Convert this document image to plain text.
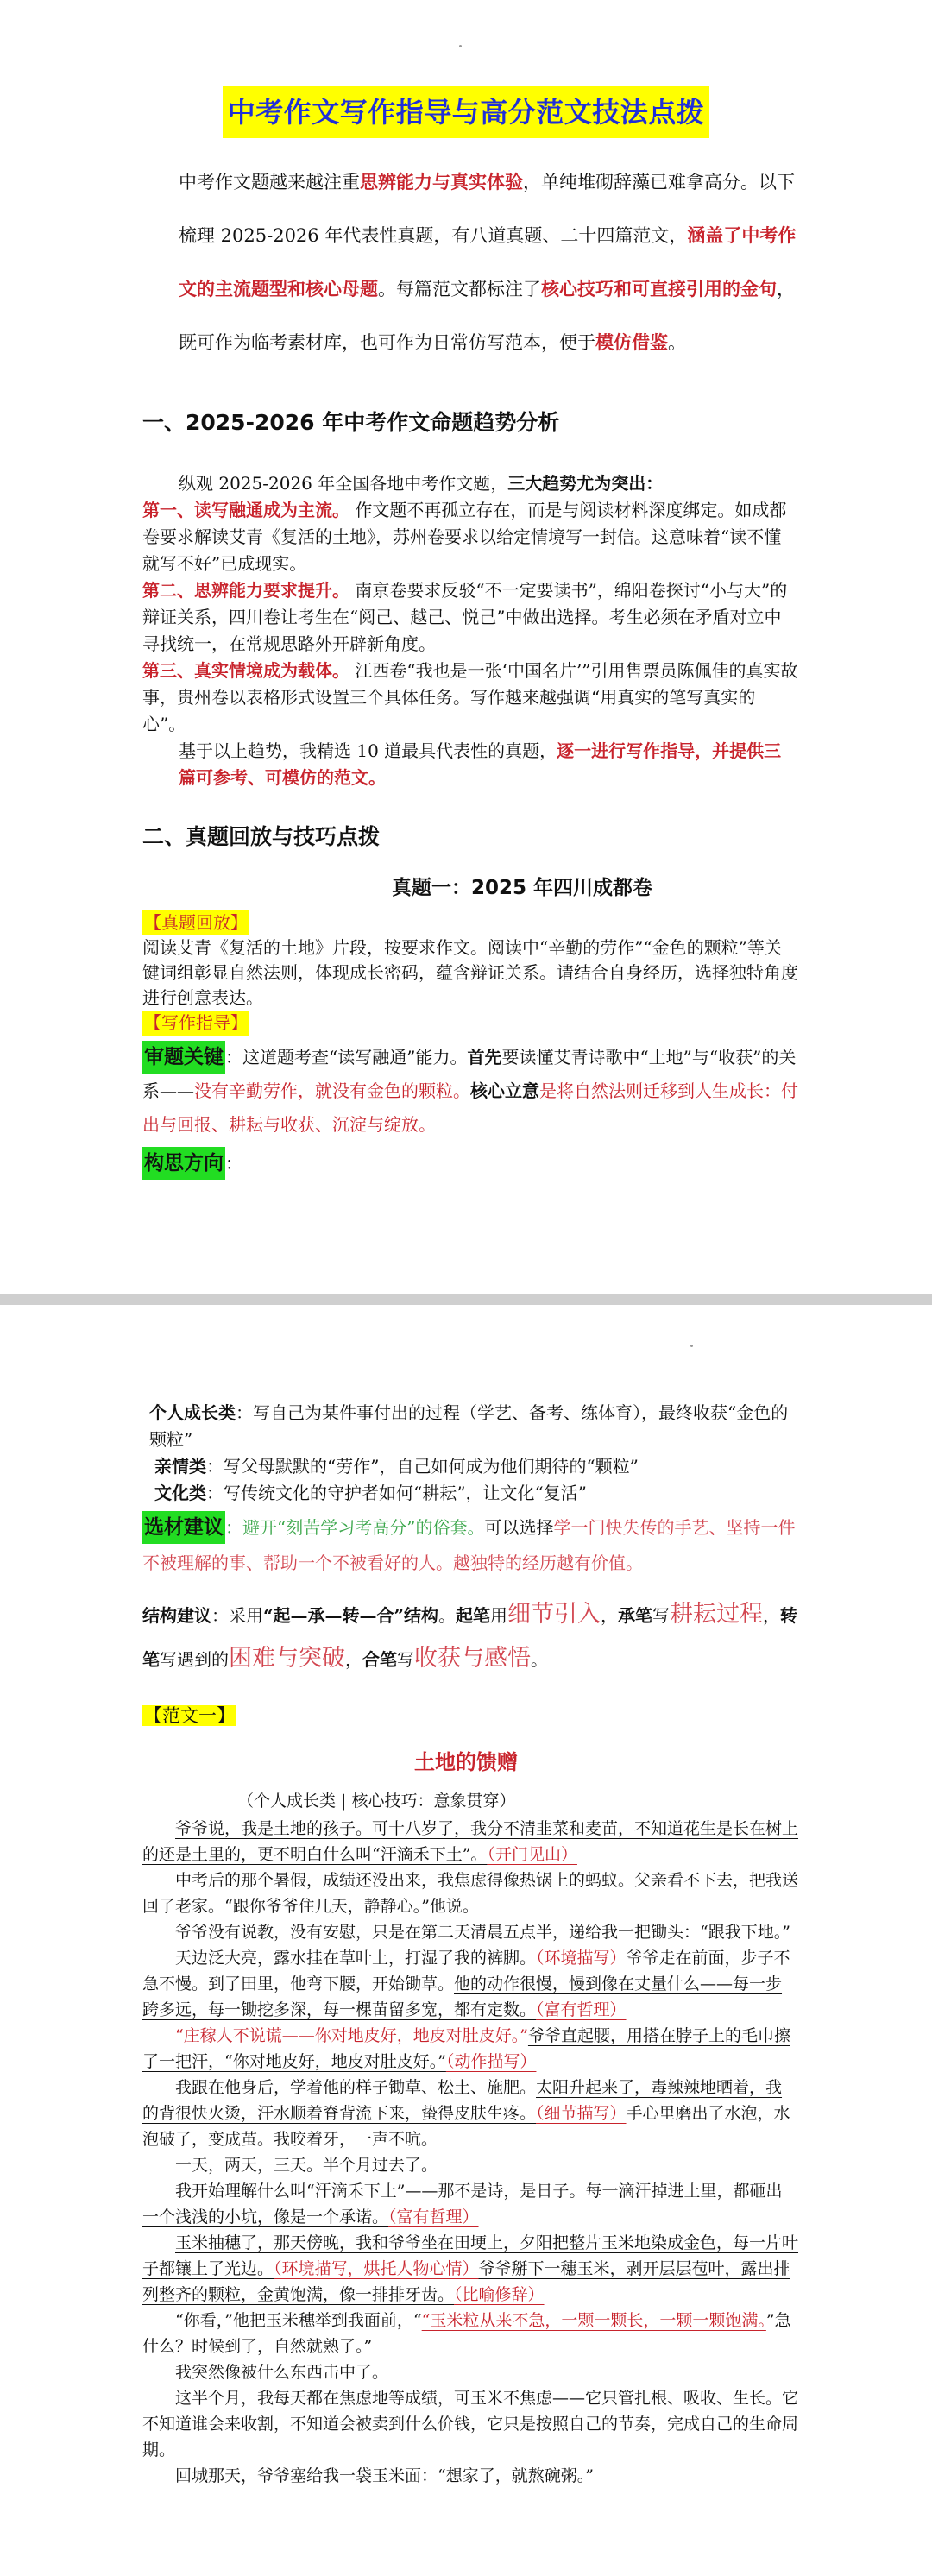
中考作文写作指导与高分范文技法点拨

中考作文题越来越注重思辨能力与真实体验，单纯堆砌辞藻已难拿高分。以下梳理 2025-2026 年代表性真题，有八道真题、二十四篇范文，涵盖了中考作文的主流题型和核心母题。每篇范文都标注了核心技巧和可直接引用的金句，既可作为临考素材库，也可作为日常仿写范本，便于模仿借鉴。

一、2025-2026 年中考作文命题趋势分析

纵观 2025-2026 年全国各地中考作文题，三大趋势尤为突出：

第一、读写融通成为主流。 作文题不再孤立存在，而是与阅读材料深度绑定。如成都卷要求解读艾青《复活的土地》，苏州卷要求以给定情境写一封信。这意味着“读不懂就写不好”已成现实。

第二、思辨能力要求提升。 南京卷要求反驳“不一定要读书”，绵阳卷探讨“小与大”的辩证关系，四川卷让考生在“阅己、越己、悦己”中做出选择。考生必须在矛盾对立中寻找统一，在常规思路外开辟新角度。

第三、真实情境成为载体。 江西卷“我也是一张‘中国名片’”引用售票员陈佩佳的真实故事，贵州卷以表格形式设置三个具体任务。写作越来越强调“用真实的笔写真实的心”。

基于以上趋势，我精选 10 道最具代表性的真题，逐一进行写作指导，并提供三篇可参考、可模仿的范文。

二、真题回放与技巧点拨
真题一：2025 年四川成都卷
【真题回放】

阅读艾青《复活的土地》片段，按要求作文。阅读中“辛勤的劳作”“金色的颗粒”等关键词组彰显自然法则，体现成长密码，蕴含辩证关系。请结合自身经历，选择独特角度进行创意表达。

【写作指导】

审题关键 ：这道题考查“读写融通”能力。首先要读懂艾青诗歌中“土地”与“收获”的关系——没有辛勤劳作，就没有金色的颗粒。核心立意是将自然法则迁移到人生成长：付出与回报、耕耘与收获、沉淀与绽放。

构思方向 ：

个人成长类：写自己为某件事付出的过程（学艺、备考、练体育），最终收获“金色的颗粒”

亲情类：写父母默默的“劳作”，自己如何成为他们期待的“颗粒”

文化类：写传统文化的守护者如何“耕耘”，让文化“复活”

选材建议 ：避开“刻苦学习考高分”的俗套。可以选择学一门快失传的手艺、坚持一件不被理解的事、帮助一个不被看好的人。越独特的经历越有价值。

结构建议：采用“起—承—转—合”结构。起笔用细节引入，承笔写耕耘过程，转笔写遇到的困难与突破，合笔写收获与感悟。

【范文一】
土地的馈赠
（个人成长类 | 核心技巧：意象贯穿）

爷爷说，我是土地的孩子。可十八岁了，我分不清韭菜和麦苗，不知道花生是长在树上的还是土里的，更不明白什么叫“汗滴禾下土”。（开门见山）

中考后的那个暑假，成绩还没出来，我焦虑得像热锅上的蚂蚁。父亲看不下去，把我送回了老家。“跟你爷爷住几天，静静心。”他说。

爷爷没有说教，没有安慰，只是在第二天清晨五点半，递给我一把锄头：“跟我下地。”

天边泛大亮，露水挂在草叶上，打湿了我的裤脚。（环境描写）爷爷走在前面，步子不急不慢。到了田里，他弯下腰，开始锄草。他的动作很慢，慢到像在丈量什么——每一步跨多远，每一锄挖多深，每一棵苗留多宽，都有定数。（富有哲理）

“庄稼人不说谎——你对地皮好，地皮对肚皮好。”爷爷直起腰，用搭在脖子上的毛巾擦了一把汗，“你对地皮好，地皮对肚皮好。”（动作描写）

我跟在他身后，学着他的样子锄草、松土、施肥。太阳升起来了，毒辣辣地晒着，我的背很快火烫，汗水顺着脊背流下来，蛰得皮肤生疼。（细节描写）手心里磨出了水泡，水泡破了，变成茧。我咬着牙，一声不吭。

一天，两天，三天。半个月过去了。

我开始理解什么叫“汗滴禾下土”——那不是诗，是日子。每一滴汗掉进土里，都砸出一个浅浅的小坑，像是一个承诺。（富有哲理）

玉米抽穗了，那天傍晚，我和爷爷坐在田埂上，夕阳把整片玉米地染成金色，每一片叶子都镶上了光边。（环境描写，烘托人物心情）爷爷掰下一穗玉米，剥开层层苞叶，露出排列整齐的颗粒，金黄饱满，像一排排牙齿。（比喻修辞）

“你看，”他把玉米穗举到我面前，““玉米粒从来不急，一颗一颗长，一颗一颗饱满。”急什么？时候到了，自然就熟了。”

我突然像被什么东西击中了。

这半个月，我每天都在焦虑地等成绩，可玉米不焦虑——它只管扎根、吸收、生长。它不知道谁会来收割，不知道会被卖到什么价钱，它只是按照自己的节奏，完成自己的生命周期。

回城那天，爷爷塞给我一袋玉米面：“想家了，就熬碗粥。”
